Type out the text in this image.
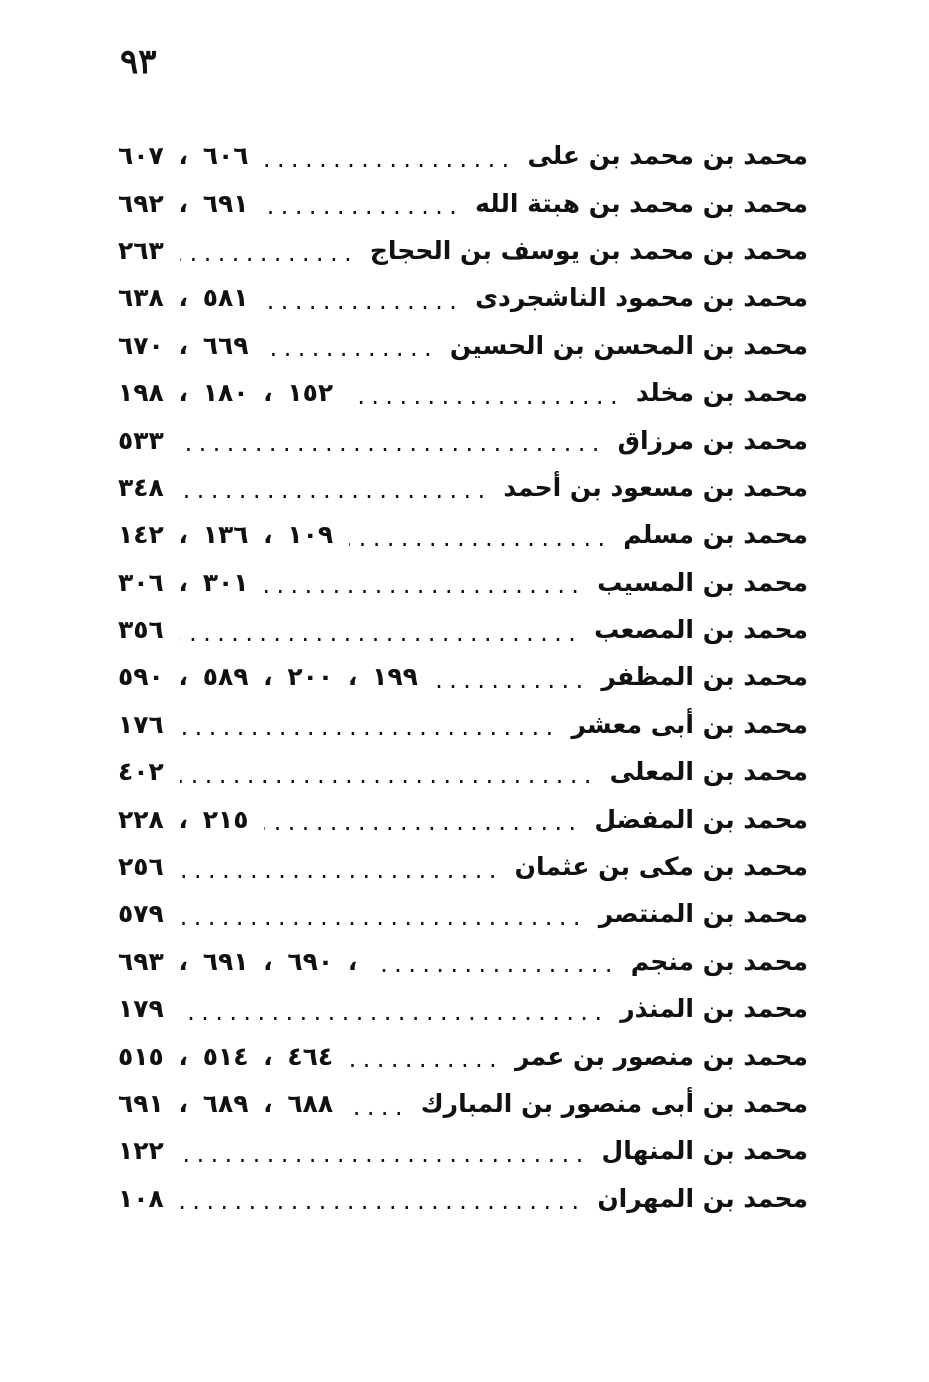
٩٣
محمد بن محمد بن على
.....
٦٠٦ ، ٦٠٧
محمد بن محمد بن هبتة الله
.....
٦٩١ ، ٦٩٢
محمد بن محمد بن يوسف بن الحجاج
.....
٢٦٣
محمد بن محمود الناشجردى
.....
٥٨١ ، ٦٣٨
محمد بن المحسن بن الحسين
.....
٦٦٩ ، ٦٧٠
محمد بن مخلد
.....
١٥٢ ، ١٨٠ ، ١٩٨
محمد بن مرزاق
.....
٥٣٣
محمد بن مسعود بن أحمد
.....
٣٤٨
محمد بن مسلم
.....
١٠٩ ، ١٣٦ ، ١٤٢
محمد بن المسيب
.....
٣٠١ ، ٣٠٦
محمد بن المصعب
.....
٣٥٦
محمد بن المظفر
.....
١٩٩ ، ٢٠٠ ، ٥٨٩ ، ٥٩٠
محمد بن أبى معشر
.....
١٧٦
محمد بن المعلى
.....
٤٠٢
محمد بن المفضل
.....
٢١٥ ، ٢٢٨
محمد بن مكى بن عثمان
.....
٢٥٦
محمد بن المنتصر
.....
٥٧٩
محمد بن منجم
.....
، ٦٩٠ ، ٦٩١ ، ٦٩٣
محمد بن المنذر
.....
١٧٩
محمد بن منصور بن عمر
.....
٤٦٤ ، ٥١٤ ، ٥١٥
محمد بن أبى منصور بن المبارك
.....
٦٨٨ ، ٦٨٩ ، ٦٩١
محمد بن المنهال
.....
١٢٢
محمد بن المهران
.....
١٠٨
